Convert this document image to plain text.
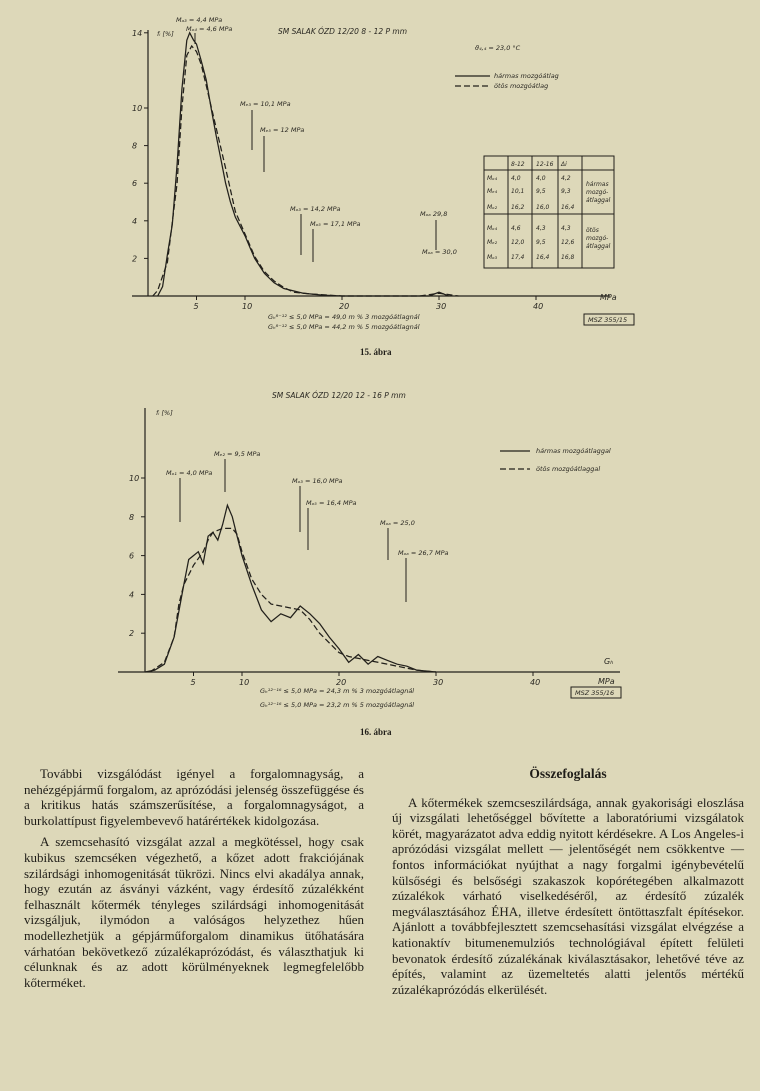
SM SALAK ÓZD 12/20 8 - 12 P mm
ϑ₄,₄ = 23,0 °C
hármas mozgóátlag
ötös mozgóátlag
fᵢ [%]
5	10	20	30	40
2
4
6
8
10
14
MPa
Mₐ₃ = 4,4 MPa
Mₒ₄ = 4,6 MPa
Mₑ₃ = 10,1 MPa
Mₑ₅ = 12 MPa
Mₒ₃ = 14,2 MPa
Mₒ₅ = 17,1 MPa
Mₒₐ 29,8
Mₒₐ = 30,0
8-12 12-16 Δi
Mₒ₄ 4,0	4,0	4,2
Mₑ₄ 10,1 9,5	9,3
Mₒ₂ 16,2 16,0 16,4
Mₒ₄ 4,6	4,3	4,3
Mₑ₂ 12,0 9,5	12,6
Mₒ₃ 17,4 16,4 16,8
hármas
mozgó-
átlaggal
ötös
mozgó-
átlaggal
Gₕ⁸⁻¹² ≤ 5,0 MPa = 49,0 m % 3 mozgóátlagnál
Gₕ⁸⁻¹² ≤ 5,0 MPa = 44,2 m % 5 mozgóátlagnál
MSZ 355/15
15. ábra
SM SALAK ÓZD 12/20 12 - 16 P mm
hármas mozgóátlaggal
ötös mozgóátlaggal
fᵢ [%]
5	10	20	30	40
2
4
6
8
10
Gₕ
MPa
Mₒ₁ = 4,0 MPa
Mₑ₂ = 9,5 MPa
Mₒ₃ = 16,0 MPa
Mₒ₅ = 16,4 MPa
Mₒₐ = 25,0
Mₒₐ = 26,7 MPa
Gₕ¹²⁻¹⁶ ≤ 5,0 MPa = 24,3 m % 3 mozgóátlagnál
Gₕ¹²⁻¹⁶ ≤ 5,0 MPa = 23,2 m % 5 mozgóátlagnál
MSZ 355/16
16. ábra

További vizsgálódást igényel a forgalomnagyság, a nehézgépjármű forgalom, az aprózódási jelenség összefüggése és a kritikus hatás számszerűsítése, a forgalomnagyságot, a burkolattípust figyelembevevő határértékek kidolgozása.

A szemcsehasító vizsgálat azzal a megkötéssel, hogy csak kubikus szemcséken végezhető, a kőzet adott frakciójának szilárdsági inhomogenitását tükrözi. Nincs elvi akadálya annak, hogy ezután az ásványi vázként, vagy érdesítő zúzalékként felhasznált kőtermék tényleges szilárdsági inhomogenitását vizsgáljuk, ilymódon a valóságos helyzethez hűen modellezhetjük a gépjárműforgalom dinamikus ütőhatására várhatóan bekövetkező zúzalékaprózódást, és választhatjuk ki célunknak és az adott körülményeknek legmegfelelőbb kőterméket.

Összefoglalás

A kőtermékek szemcseszilárdsága, annak gyakorisági eloszlása új vizsgálati lehetőséggel bővítette a laboratóriumi vizsgálatok körét, magyarázatot adva eddig nyitott kérdésekre. A Los Angeles-i aprózódási vizsgálat mellett — jelentőségét nem csökkentve — fontos információkat nyújthat a nagy forgalmi igénybevételű külsőségi és belsőségi szakaszok kopórétegében alkalmazott zúzalékok várható viselkedéséről, az érdesítő zúzalék megválasztásához ÉHA, illetve érdesített öntöttaszfalt építésekor. Ajánlott a továbbfejlesztett szemcsehasítási vizsgálat elvégzése a kationaktív bitumenemulziós technológiával épített felületi bevonatok érdesítő zúzalékának kiválasztásakor, lehetővé téve az építés, valamint az üzemeltetés alatti jelentős mértékű zúzalékaprózódás elkerülését.
